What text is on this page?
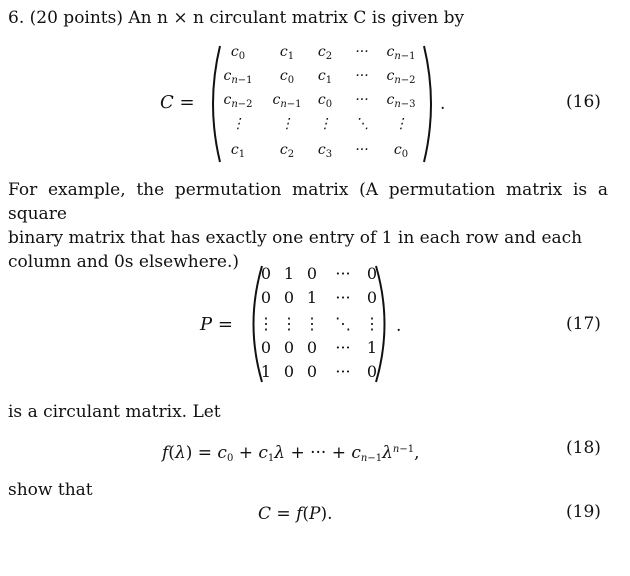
6. (20 points) An n × n circulant matrix C is given by
C =
$c_0$ $c_1$ $c_2$ ··· $c_{n-1}$
$c_{n-1}$ $c_0$ $c_1$ ··· $c_{n-2}$
$c_{n-2}$ $c_{n-1}$ $c_0$ ··· $c_{n-3}$
⋮	⋮ ⋮ ⋱ ⋮
$c_1$ $c_2$ $c_3$ ··· $c_0$
.	(16)
For example, the permutation matrix (A permutation matrix is a square
binary matrix that has exactly one entry of 1 in each row and each
column and 0s elsewhere.)
P =
0 1 0 ··· 0
0 0 1 ··· 0
⋮ ⋮ ⋮ ⋱ ⋮
0 0 0 ··· 1
1 0 0 ··· 0
.	(17)
is a circulant matrix. Let
$f(\lambda) = c_0 + c_1\lambda$ + ··· + $c_{n-1}\lambda^{n-1}$,	(18)
show that
C = f(P).	(19)
